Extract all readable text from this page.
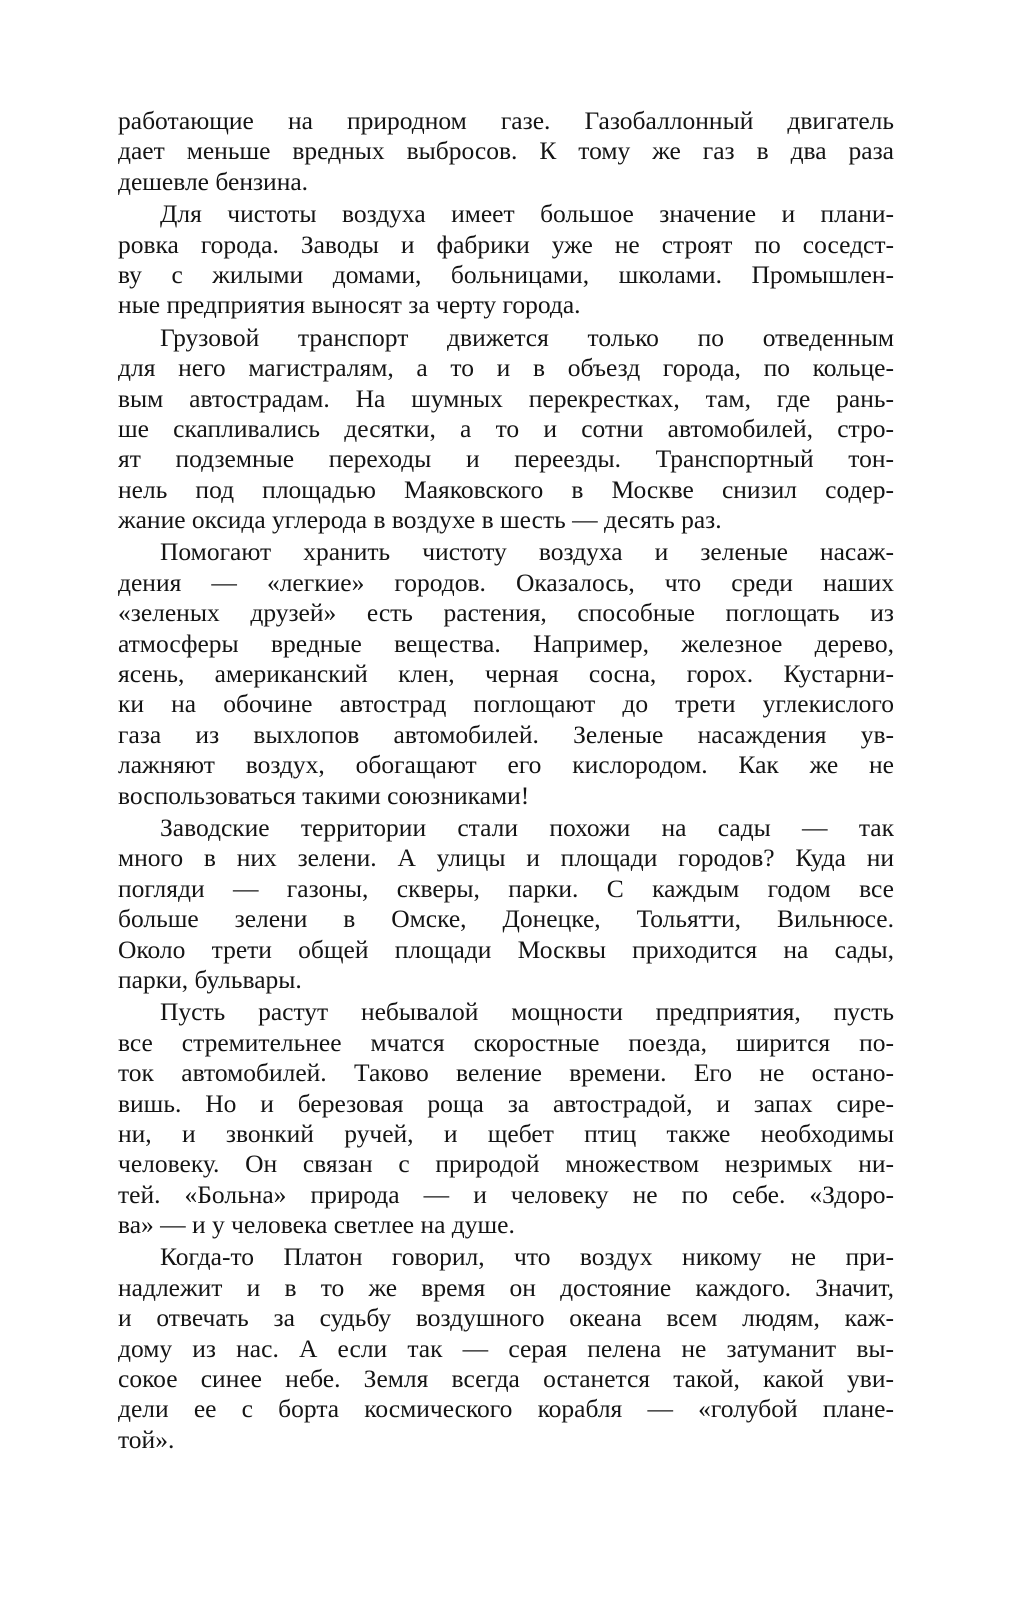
работающие на природном газе. Газобаллонный двигатель
дает меньше вредных выбросов. К тому же газ в два раза
дешевле бензина.
Для чистоты воздуха имеет большое значение и плани-
ровка города. Заводы и фабрики уже не строят по соседст-
ву с жилыми домами, больницами, школами. Промышлен-
ные предприятия выносят за черту города.
Грузовой транспорт движется только по отведенным
для него магистралям, а то и в объезд города, по кольце-
вым автострадам. На шумных перекрестках, там, где рань-
ше скапливались десятки, а то и сотни автомобилей, стро-
ят подземные переходы и переезды. Транспортный тон-
нель под площадью Маяковского в Москве снизил содер-
жание оксида углерода в воздухе в шесть — десять раз.
Помогают хранить чистоту воздуха и зеленые насаж-
дения — «легкие» городов. Оказалось, что среди наших
«зеленых друзей» есть растения, способные поглощать из
атмосферы вредные вещества. Например, железное дерево,
ясень, американский клен, черная сосна, горох. Кустарни-
ки на обочине автострад поглощают до трети углекислого
газа из выхлопов автомобилей. Зеленые насаждения ув-
лажняют воздух, обогащают его кислородом. Как же не
воспользоваться такими союзниками!
Заводские территории стали похожи на сады — так
много в них зелени. А улицы и площади городов? Куда ни
погляди — газоны, скверы, парки. С каждым годом все
больше зелени в Омске, Донецке, Тольятти, Вильнюсе.
Около трети общей площади Москвы приходится на сады,
парки, бульвары.
Пусть растут небывалой мощности предприятия, пусть
все стремительнее мчатся скоростные поезда, ширится по-
ток автомобилей. Таково веление времени. Его не остано-
вишь. Но и березовая роща за автострадой, и запах сире-
ни, и звонкий ручей, и щебет птиц также необходимы
человеку. Он связан с природой множеством незримых ни-
тей. «Больна» природа — и человеку не по себе. «Здоро-
ва» — и у человека светлее на душе.
Когда-то Платон говорил, что воздух никому не при-
надлежит и в то же время он достояние каждого. Значит,
и отвечать за судьбу воздушного океана всем людям, каж-
дому из нас. А если так — серая пелена не затуманит вы-
сокое синее небе. Земля всегда останется такой, какой уви-
дели ее с борта космического корабля — «голубой плане-
той».
